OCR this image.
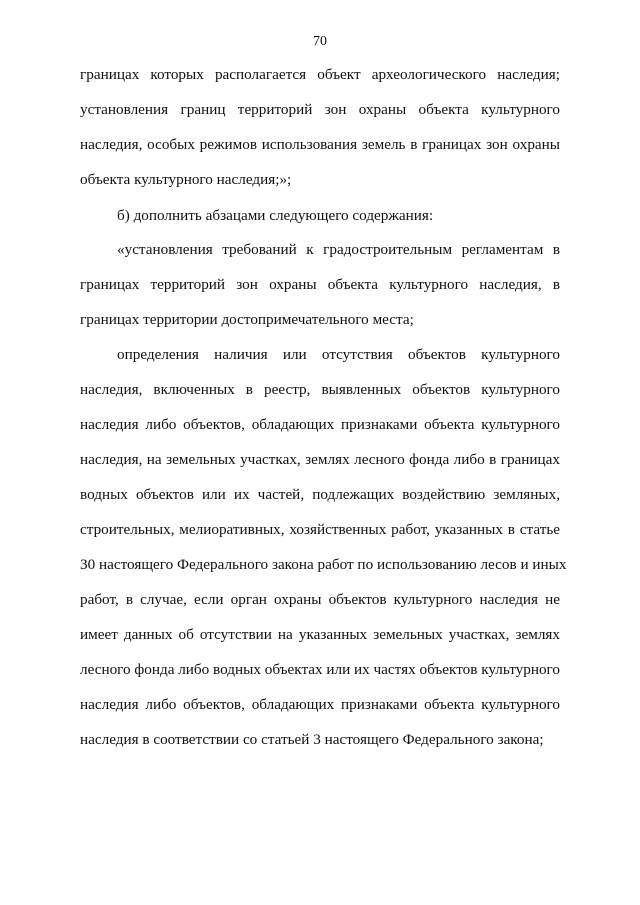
70
границах которых располагается объект археологического наследия;
установления границ территорий зон охраны объекта культурного
наследия, особых режимов использования земель в границах зон охраны
объекта культурного наследия;»;
б) дополнить абзацами следующего содержания:
«установления требований к градостроительным регламентам в
границах территорий зон охраны объекта культурного наследия, в
границах территории достопримечательного места;
определения наличия или отсутствия объектов культурного
наследия, включенных в реестр, выявленных объектов культурного
наследия либо объектов, обладающих признаками объекта культурного
наследия, на земельных участках, землях лесного фонда либо в границах
водных объектов или их частей, подлежащих воздействию земляных,
строительных, мелиоративных, хозяйственных работ, указанных в статье
30 настоящего Федерального закона работ по использованию лесов и иных
работ, в случае, если орган охраны объектов культурного наследия не
имеет данных об отсутствии на указанных земельных участках, землях
лесного фонда либо водных объектах или их частях объектов культурного
наследия либо объектов, обладающих признаками объекта культурного
наследия в соответствии со статьей 3 настоящего Федерального закона;
